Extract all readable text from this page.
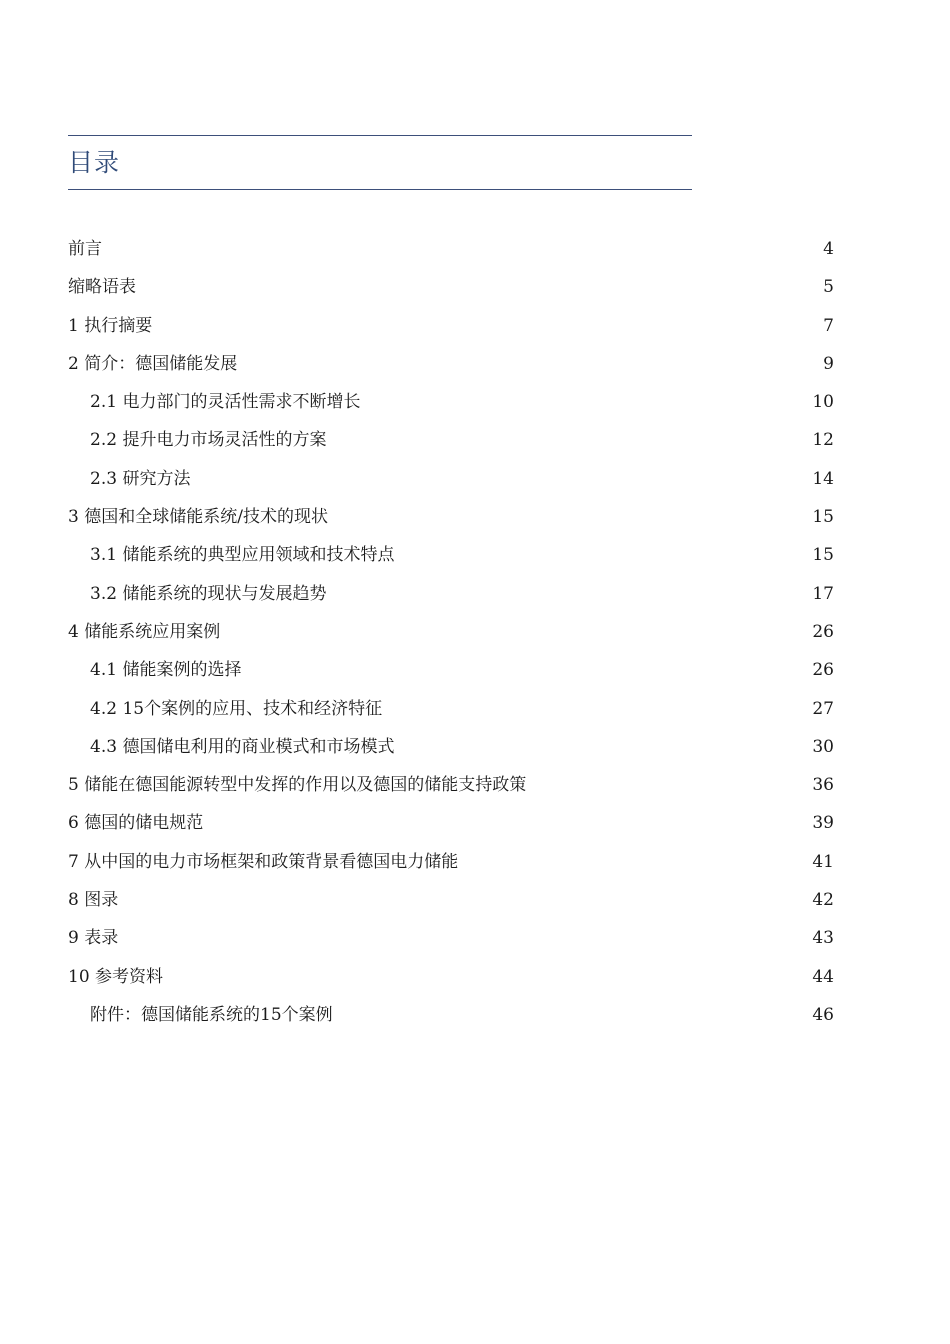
目录
前言	4
缩略语表	5
1 执行摘要	7
2 简介：德国储能发展	9
2.1 电力部门的灵活性需求不断增长	10
2.2 提升电力市场灵活性的方案	12
2.3 研究方法	14
3 德国和全球储能系统/技术的现状	15
3.1 储能系统的典型应用领域和技术特点	15
3.2 储能系统的现状与发展趋势	17
4 储能系统应用案例	26
4.1 储能案例的选择	26
4.2 15个案例的应用、技术和经济特征	27
4.3 德国储电利用的商业模式和市场模式	30
5 储能在德国能源转型中发挥的作用以及德国的储能支持政策	36
6 德国的储电规范	39
7 从中国的电力市场框架和政策背景看德国电力储能	41
8 图录	42
9 表录	43
10 参考资料	44
附件：德国储能系统的15个案例	46
